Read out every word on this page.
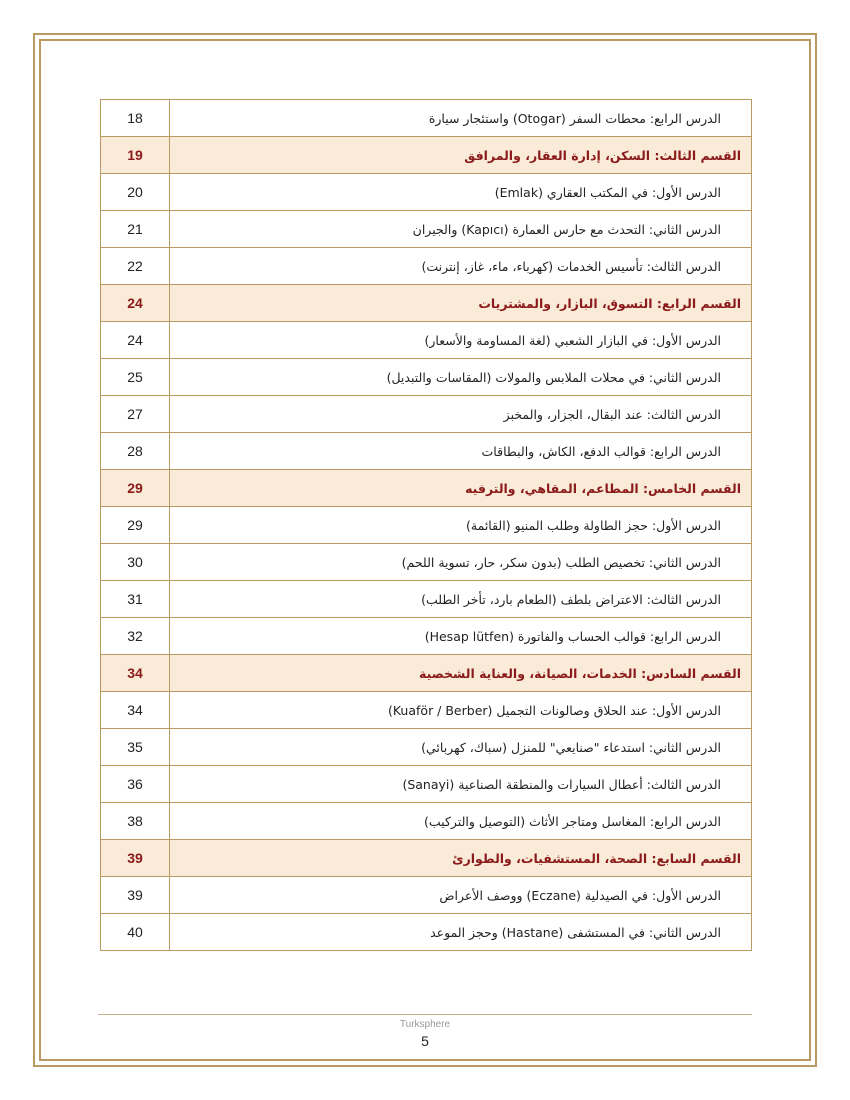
18	الدرس الرابع: محطات السفر (Otogar) واستئجار سيارة
19	القسم الثالث: السكن، إدارة العقار، والمرافق
20	الدرس الأول: في المكتب العقاري (Emlak)
21	الدرس الثاني: التحدث مع حارس العمارة (Kapıcı) والجيران
22	الدرس الثالث: تأسيس الخدمات (كهرباء، ماء، غاز، إنترنت)
24	القسم الرابع: التسوق، البازار، والمشتريات
24	الدرس الأول: في البازار الشعبي (لغة المساومة والأسعار)
25	الدرس الثاني: في محلات الملابس والمولات (المقاسات والتبديل)
27	الدرس الثالث: عند البقال، الجزار، والمخبز
28	الدرس الرابع: قوالب الدفع، الكاش، والبطاقات
29	القسم الخامس: المطاعم، المقاهي، والترفيه
29	الدرس الأول: حجز الطاولة وطلب المنيو (القائمة)
30	الدرس الثاني: تخصيص الطلب (بدون سكر، حار، تسوية اللحم)
31	الدرس الثالث: الاعتراض بلطف (الطعام بارد، تأخر الطلب)
32	الدرس الرابع: قوالب الحساب والفاتورة (Hesap lütfen)
34	القسم السادس: الخدمات، الصيانة، والعناية الشخصية
34	الدرس الأول: عند الحلاق وصالونات التجميل (Kuaför / Berber)
35	الدرس الثاني: استدعاء "صنايعي" للمنزل (سباك، كهربائي)
36	الدرس الثالث: أعطال السيارات والمنطقة الصناعية (Sanayi)
38	الدرس الرابع: المغاسل ومتاجر الأثاث (التوصيل والتركيب)
39	القسم السابع: الصحة، المستشفيات، والطوارئ
39	الدرس الأول: في الصيدلية (Eczane) ووصف الأعراض
40	الدرس الثاني: في المستشفى (Hastane) وحجز الموعد
Turksphere
5
